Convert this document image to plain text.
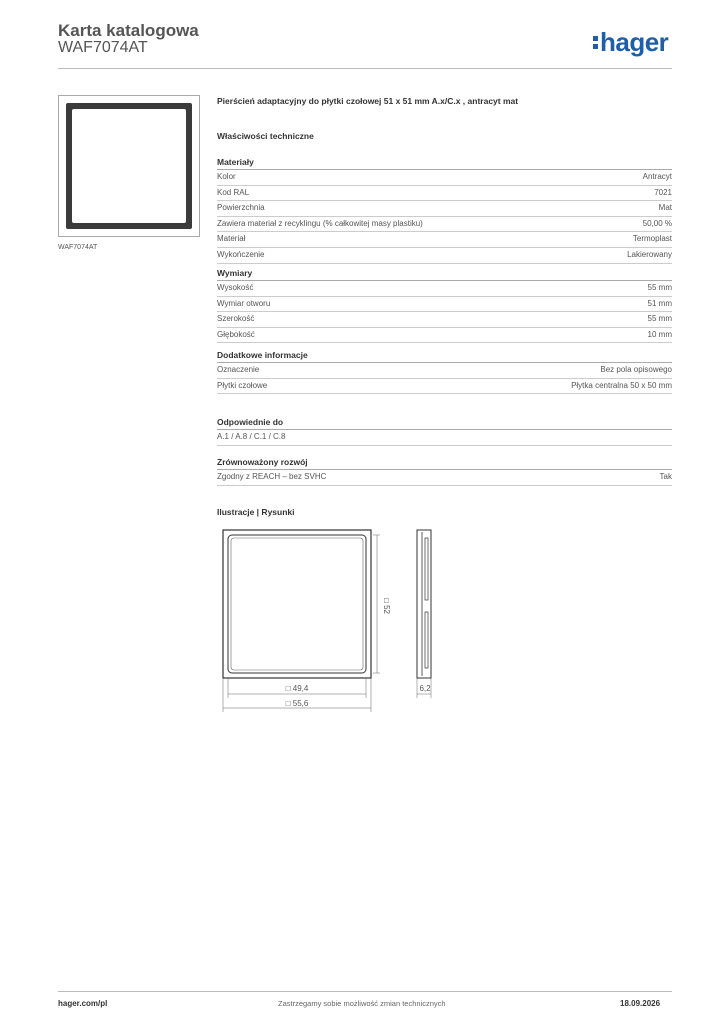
Karta katalogowa
WAF7074AT	hager
WAF7074AT
Pierścień adaptacyjny do płytki czołowej 51 x 51 mm A.x/C.x , antracyt mat
Właściwości techniczne
Materiały
Kolor	Antracyt
Kod RAL	7021
Powierzchnia	Mat
Zawiera materiał z recyklingu (% całkowitej masy plastiku)	50,00 %
Materiał	Termoplast
Wykończenie	Lakierowany
Wymiary
Wysokość	55 mm
Wymiar otworu	51 mm
Szerokość	55 mm
Głębokość	10 mm
Dodatkowe informacje
Oznaczenie	Bez pola opisowego
Płytki czołowe	Płytka centralna 50 x 50 mm
Odpowiednie do
A.1 / A.8 / C.1 / C.8
Zrównoważony rozwój
Zgodny z REACH – bez SVHC	Tak
Ilustracje | Rysunki
□ 52
□ 49,4
□ 55,6
6,2
hager.com/pl	Zastrzegamy sobie możliwość zmian technicznych	18.09.2026
